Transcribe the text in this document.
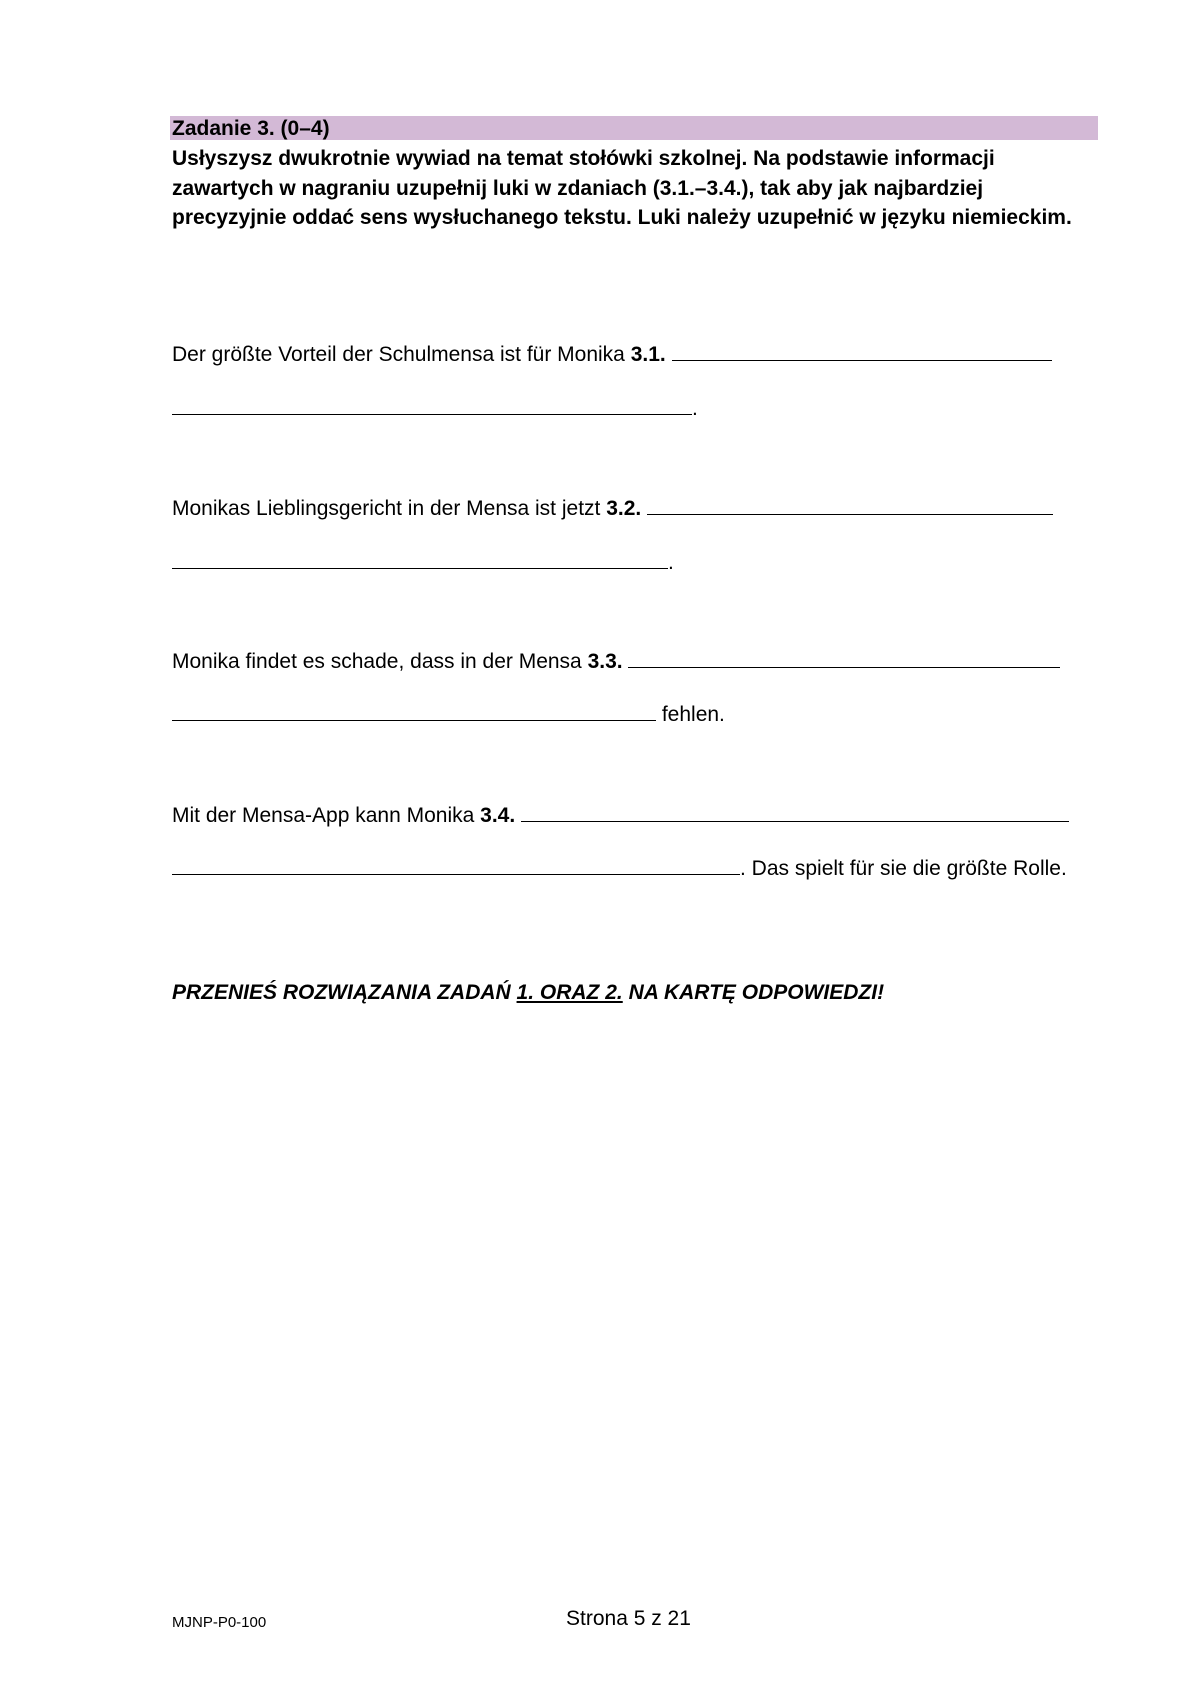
Zadanie 3. (0–4)
Usłyszysz dwukrotnie wywiad na temat stołówki szkolnej. Na podstawie informacji zawartych w nagraniu uzupełnij luki w zdaniach (3.1.–3.4.), tak aby jak najbardziej precyzyjnie oddać sens wysłuchanego tekstu. Luki należy uzupełnić w języku niemieckim.
Der größte Vorteil der Schulmensa ist für Monika 3.1.
.
Monikas Lieblingsgericht in der Mensa ist jetzt 3.2.
.
Monika findet es schade, dass in der Mensa 3.3.
fehlen.
Mit der Mensa-App kann Monika 3.4.
. Das spielt für sie die größte Rolle.
PRZENIEŚ ROZWIĄZANIA ZADAŃ 1. ORAZ 2. NA KARTĘ ODPOWIEDZI!
MJNP-P0-100	Strona 5 z 21
